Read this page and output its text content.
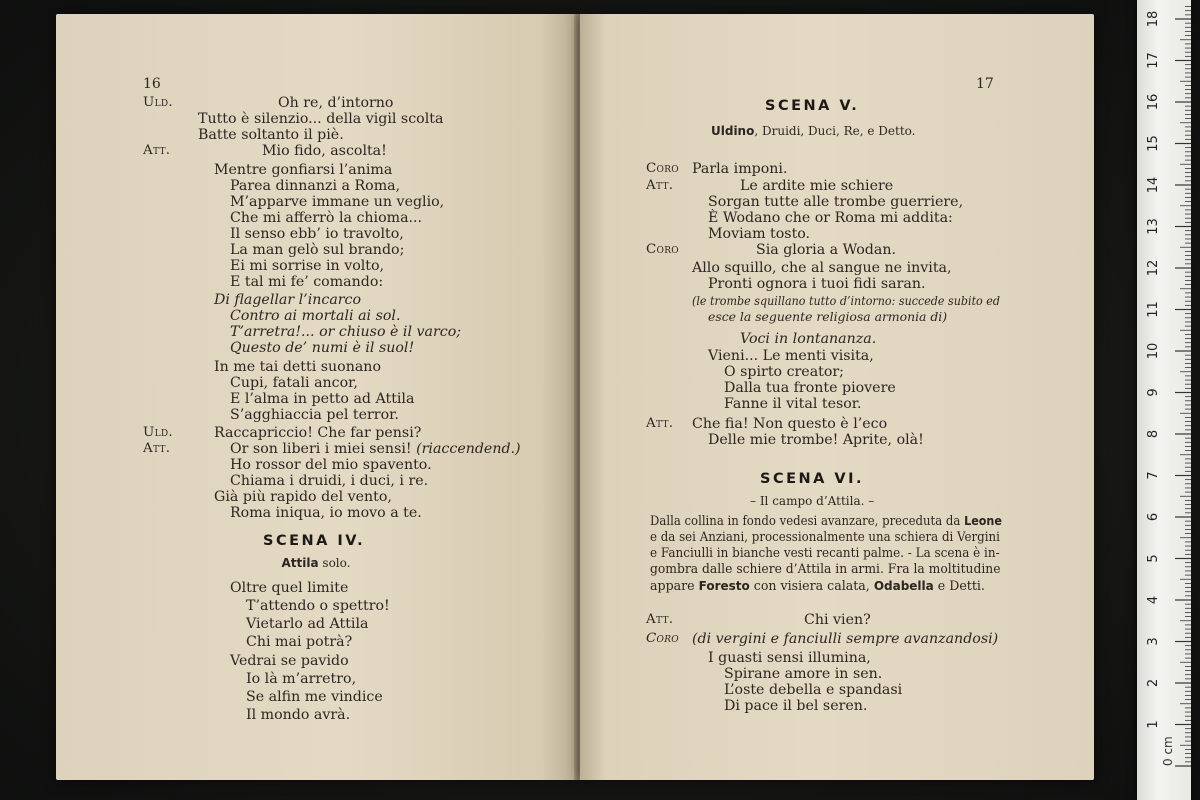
16
Uld.	Oh re, d’intorno
Tutto è silenzio... della vigil scolta
Batte soltanto il piè.
Att.	Mio fido, ascolta!
Mentre gonfiarsi l’anima
Parea dinnanzi a Roma,
M’apparve immane un veglio,
Che mi afferrò la chioma...
Il senso ebb’ io travolto,
La man gelò sul brando;
Ei mi sorrise in volto,
E tal mi fe’ comando:
Di flagellar l’incarco
Contro ai mortali ai sol.
T’arretra!... or chiuso è il varco;
Questo de’ numi è il suol!
In me tai detti suonano
Cupi, fatali ancor,
E l’alma in petto ad Attila
S’agghiaccia pel terror.
Uld.	Raccapriccio! Che far pensi?
Att.	Or son liberi i miei sensi! (riaccendend.)
Ho rossor del mio spavento.
Chiama i druidi, i duci, i re.
Già più rapido del vento,
Roma iniqua, io movo a te.
SCENA IV.
Attila solo.
Oltre quel limite
T’attendo o spettro!
Vietarlo ad Attila
Chi mai potrà?
Vedrai se pavido
Io là m’arretro,
Se alfin me vindice
Il mondo avrà.
17
SCENA V.
Uldino, Druidi, Duci, Re, e Detto.
Coro Parla imponi.
Att.	Le ardite mie schiere
Sorgan tutte alle trombe guerriere,
È Wodano che or Roma mi addita:
Moviam tosto.
Coro	Sia gloria a Wodan.
Allo squillo, che al sangue ne invita,
Pronti ognora i tuoi fidi saran.
(le trombe squillano tutto d’intorno: succede subito ed
esce la seguente religiosa armonia di)
Voci in lontananza.
Vieni... Le menti visita,
O spirto creator;
Dalla tua fronte piovere
Fanne il vital tesor.
Att. Che fia! Non questo è l’eco
Delle mie trombe! Aprite, olà!
SCENA VI.
– Il campo d’Attila. –
Dalla collina in fondo vedesi avanzare, preceduta da Leone
e da sei Anziani, processionalmente una schiera di Vergini
e Fanciulli in bianche vesti recanti palme. - La scena è in-
gombra dalle schiere d’Attila in armi. Fra la moltitudine
appare Foresto con visiera calata, Odabella e Detti.
Att.	Chi vien?
Coro (di vergini e fanciulli sempre avanzandosi)
I guasti sensi illumina,
Spirane amore in sen.
L’oste debella e spandasi
Di pace il bel seren.
1
2
3
4
5
6
7
8
9
10
11
12
13
14
15
16
17
18
0 cm
